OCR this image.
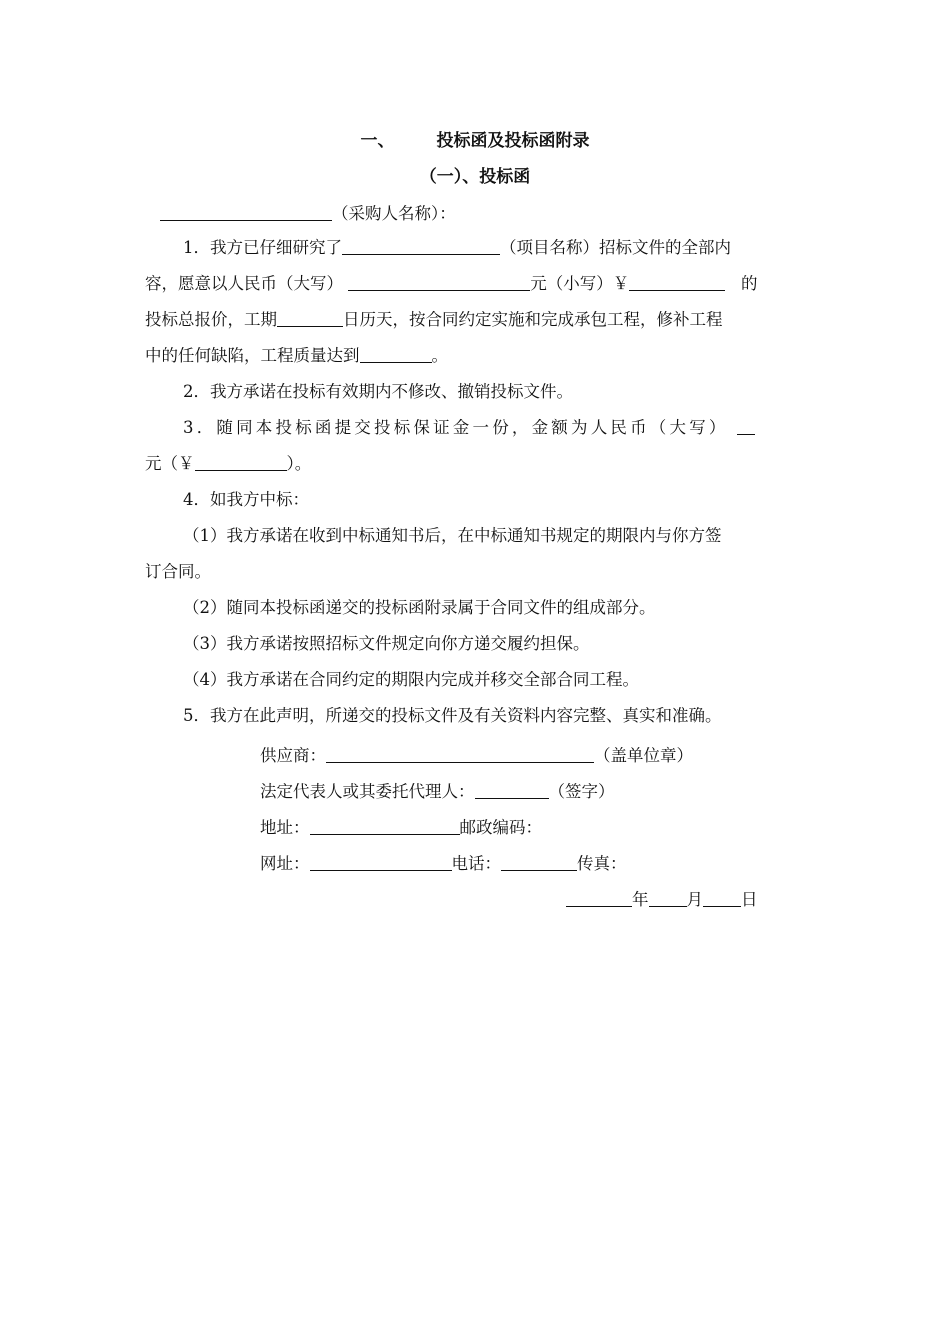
一、 投标函及投标函附录
（一）、投标函
（采购人名称）：
1．我方已仔细研究了	（项目名称）招标文件的全部内
容，愿意以人民币（大写）	元（小写）￥	的
投标总报价，工期	日历天，按合同约定实施和完成承包工程，修补工程
中的任何缺陷，工程质量达到	。
2．我方承诺在投标有效期内不修改、撤销投标文件。
3．随同本投标函提交投标保证金一份，金额为人民币（大写）
元（￥	）。
4．如我方中标：
（1）我方承诺在收到中标通知书后，在中标通知书规定的期限内与你方签
订合同。
（2）随同本投标函递交的投标函附录属于合同文件的组成部分。
（3）我方承诺按照招标文件规定向你方递交履约担保。
（4）我方承诺在合同约定的期限内完成并移交全部合同工程。
5．我方在此声明，所递交的投标文件及有关资料内容完整、真实和准确。
供应商：	（盖单位章）
法定代表人或其委托代理人：	（签字）
地址：	邮政编码：
网址：	电话：	传真：
年 月 日
